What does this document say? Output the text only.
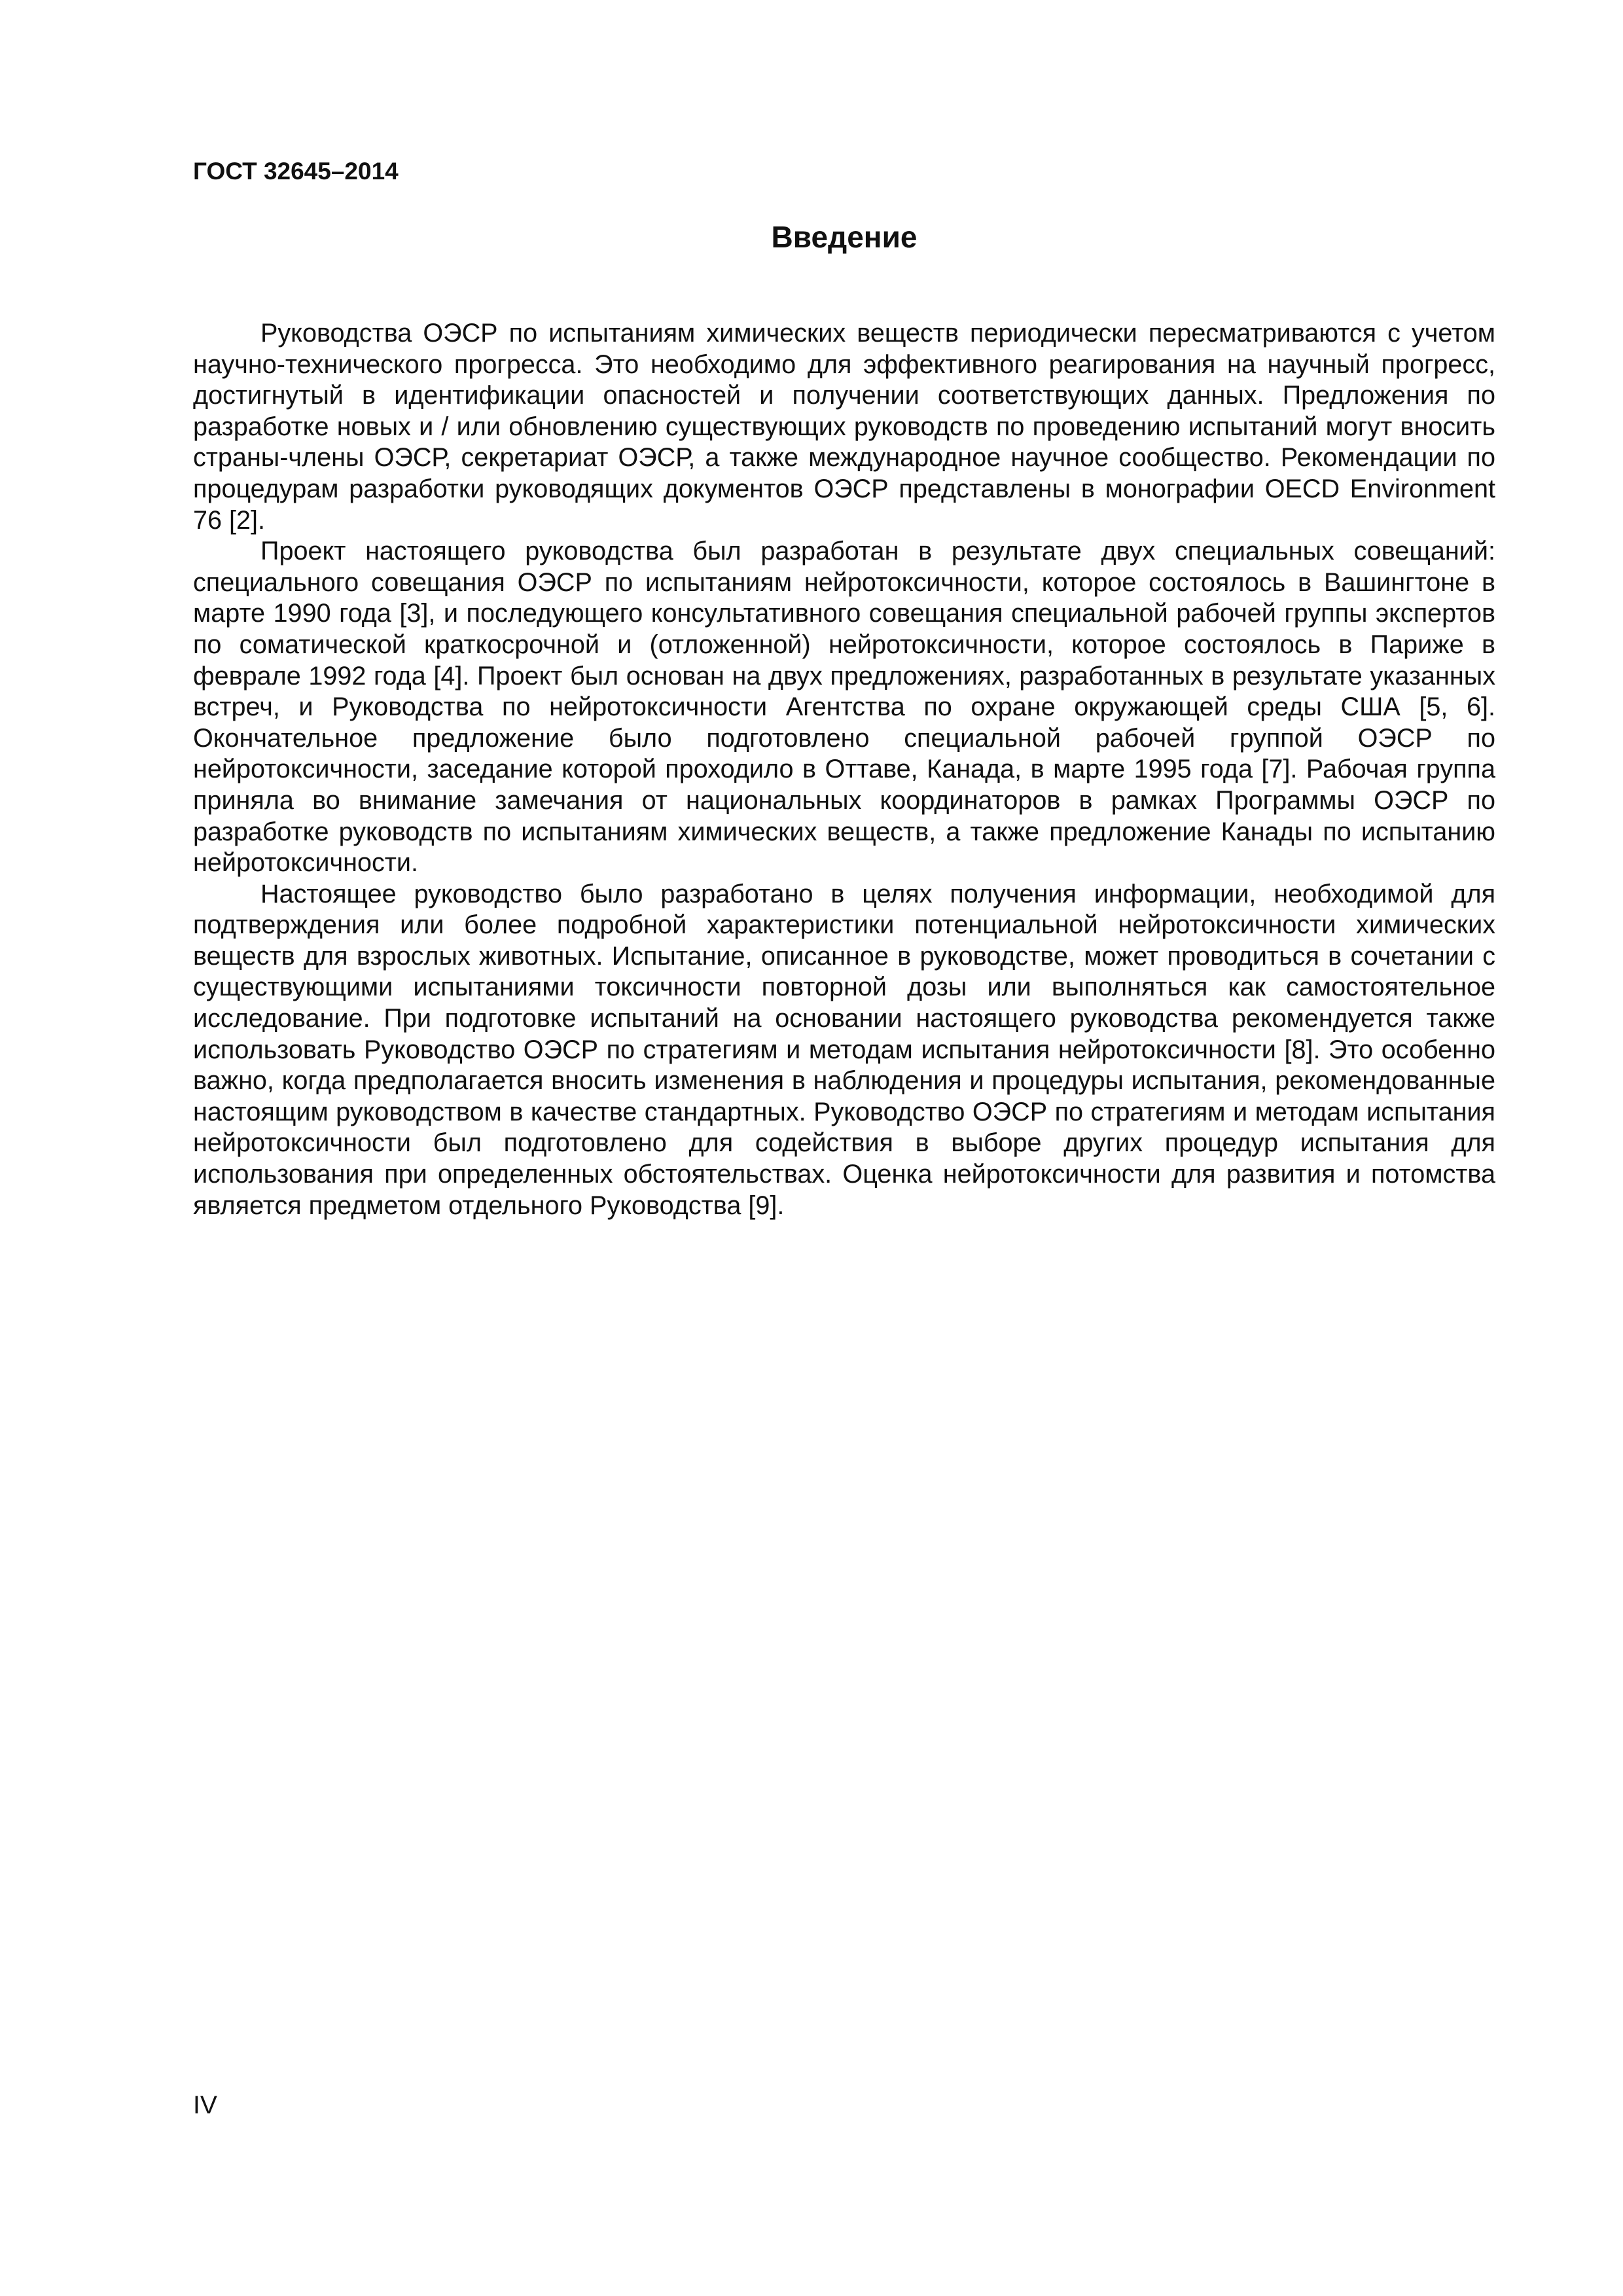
ГОСТ 32645–2014
Введение

Руководства ОЭСР по испытаниям химических веществ периодически пересматриваются с учетом научно-технического прогресса. Это необходимо для эффективного реагирования на научный прогресс, достигнутый в идентификации опасностей и получении соответствующих данных. Предложения по разработке новых и / или обновлению существующих руководств по проведению испытаний могут вносить страны-члены ОЭСР, секретариат ОЭСР, а также международное научное сообщество. Рекомендации по процедурам разработки руководящих документов ОЭСР представлены в монографии OECD Environment 76 [2].

Проект настоящего руководства был разработан в результате двух специальных совещаний: специального совещания ОЭСР по испытаниям нейротоксичности, которое состоялось в Вашингтоне в марте 1990 года [3], и последующего консультативного совещания специальной рабочей группы экспертов по соматической краткосрочной и (отложенной) нейротоксичности, которое состоялось в Париже в феврале 1992 года [4]. Проект был основан на двух предложениях, разработанных в результате указанных встреч, и Руководства по нейротоксичности Агентства по охране окружающей среды США [5, 6]. Окончательное предложение было подготовлено специальной рабочей группой ОЭСР по нейротоксичности, заседание которой проходило в Оттаве, Канада, в марте 1995 года [7]. Рабочая группа приняла во внимание замечания от национальных координаторов в рамках Программы ОЭСР по разработке руководств по испытаниям химических веществ, а также предложение Канады по испытанию нейротоксичности.

Настоящее руководство было разработано в целях получения информации, необходимой для подтверждения или более подробной характеристики потенциальной нейротоксичности химических веществ для взрослых животных. Испытание, описанное в руководстве, может проводиться в сочетании с существующими испытаниями токсичности повторной дозы или выполняться как самостоятельное исследование. При подготовке испытаний на основании настоящего руководства рекомендуется также использовать Руководство ОЭСР по стратегиям и методам испытания нейротоксичности [8]. Это особенно важно, когда предполагается вносить изменения в наблюдения и процедуры испытания, рекомендованные настоящим руководством в качестве стандартных. Руководство ОЭСР по стратегиям и методам испытания нейротоксичности был подготовлено для содействия в выборе других процедур испытания для использования при определенных обстоятельствах. Оценка нейротоксичности для развития и потомства является предметом отдельного Руководства [9].

IV
